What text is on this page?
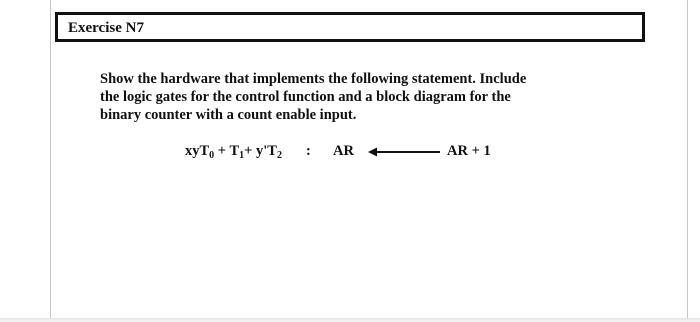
Exercise N7
Show the hardware that implements the following statement. Include
the logic gates for the control function and a block diagram for the
binary counter with a count enable input.
$xyT_0 + T_1+ y'T_2$ : AR	AR + 1
